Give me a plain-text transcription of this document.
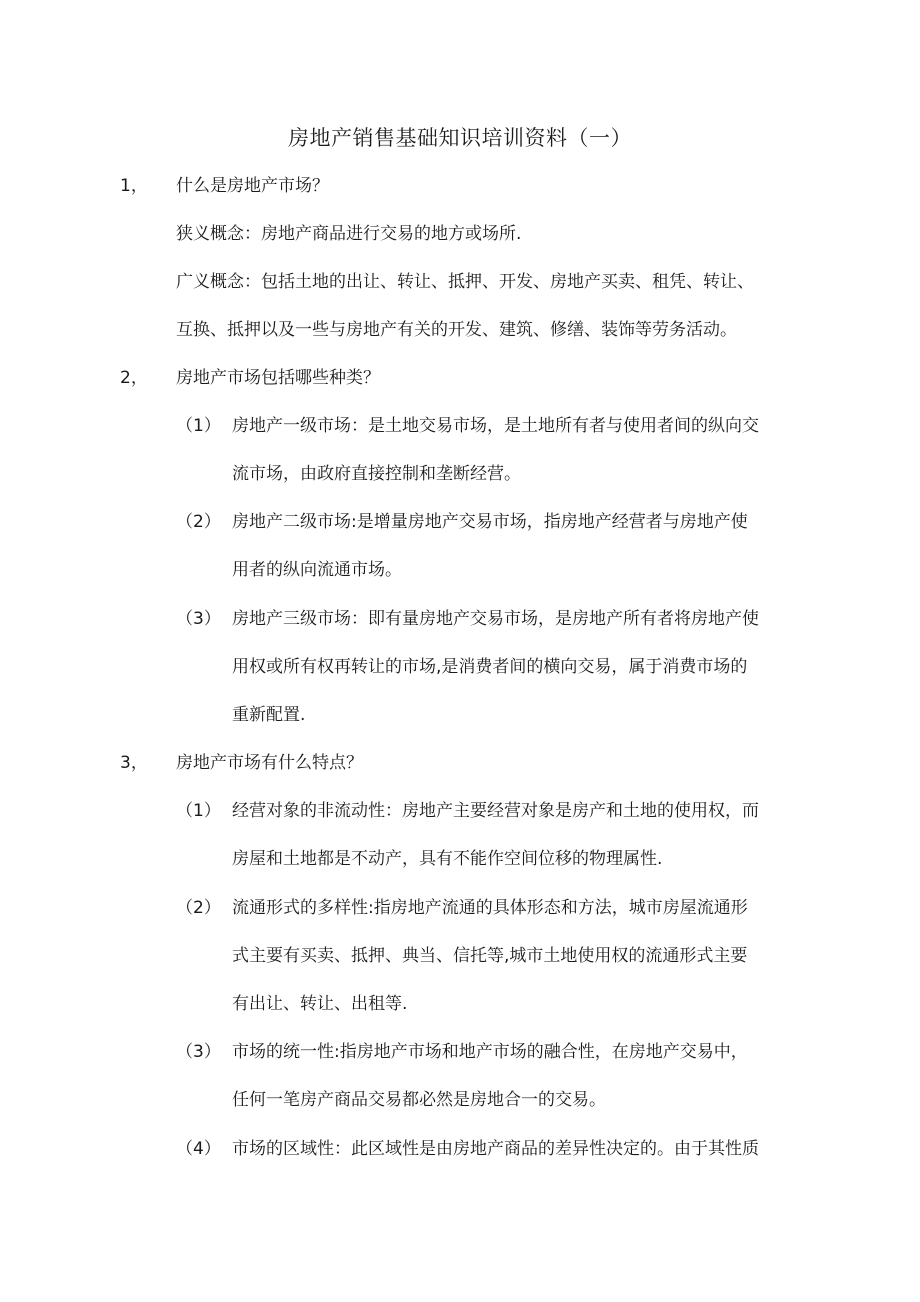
房地产销售基础知识培训资料（一）
1， 什么是房地产市场？
狭义概念：房地产商品进行交易的地方或场所.
广义概念：包括土地的出让、转让、抵押、开发、房地产买卖、租凭、转让、
互换、抵押以及一些与房地产有关的开发、建筑、修缮、装饰等劳务活动。
2， 房地产市场包括哪些种类？
（1） 房地产一级市场：是土地交易市场，是土地所有者与使用者间的纵向交
流市场，由政府直接控制和垄断经营。
（2） 房地产二级市场:是增量房地产交易市场，指房地产经营者与房地产使
用者的纵向流通市场。
（3） 房地产三级市场：即有量房地产交易市场，是房地产所有者将房地产使
用权或所有权再转让的市场,是消费者间的横向交易，属于消费市场的
重新配置.
3， 房地产市场有什么特点？
（1） 经营对象的非流动性：房地产主要经营对象是房产和土地的使用权，而
房屋和土地都是不动产，具有不能作空间位移的物理属性.
（2） 流通形式的多样性:指房地产流通的具体形态和方法，城市房屋流通形
式主要有买卖、抵押、典当、信托等,城市土地使用权的流通形式主要
有出让、转让、出租等.
（3） 市场的统一性:指房地产市场和地产市场的融合性，在房地产交易中，
任何一笔房产商品交易都必然是房地合一的交易。
（4） 市场的区域性：此区域性是由房地产商品的差异性决定的。由于其性质
